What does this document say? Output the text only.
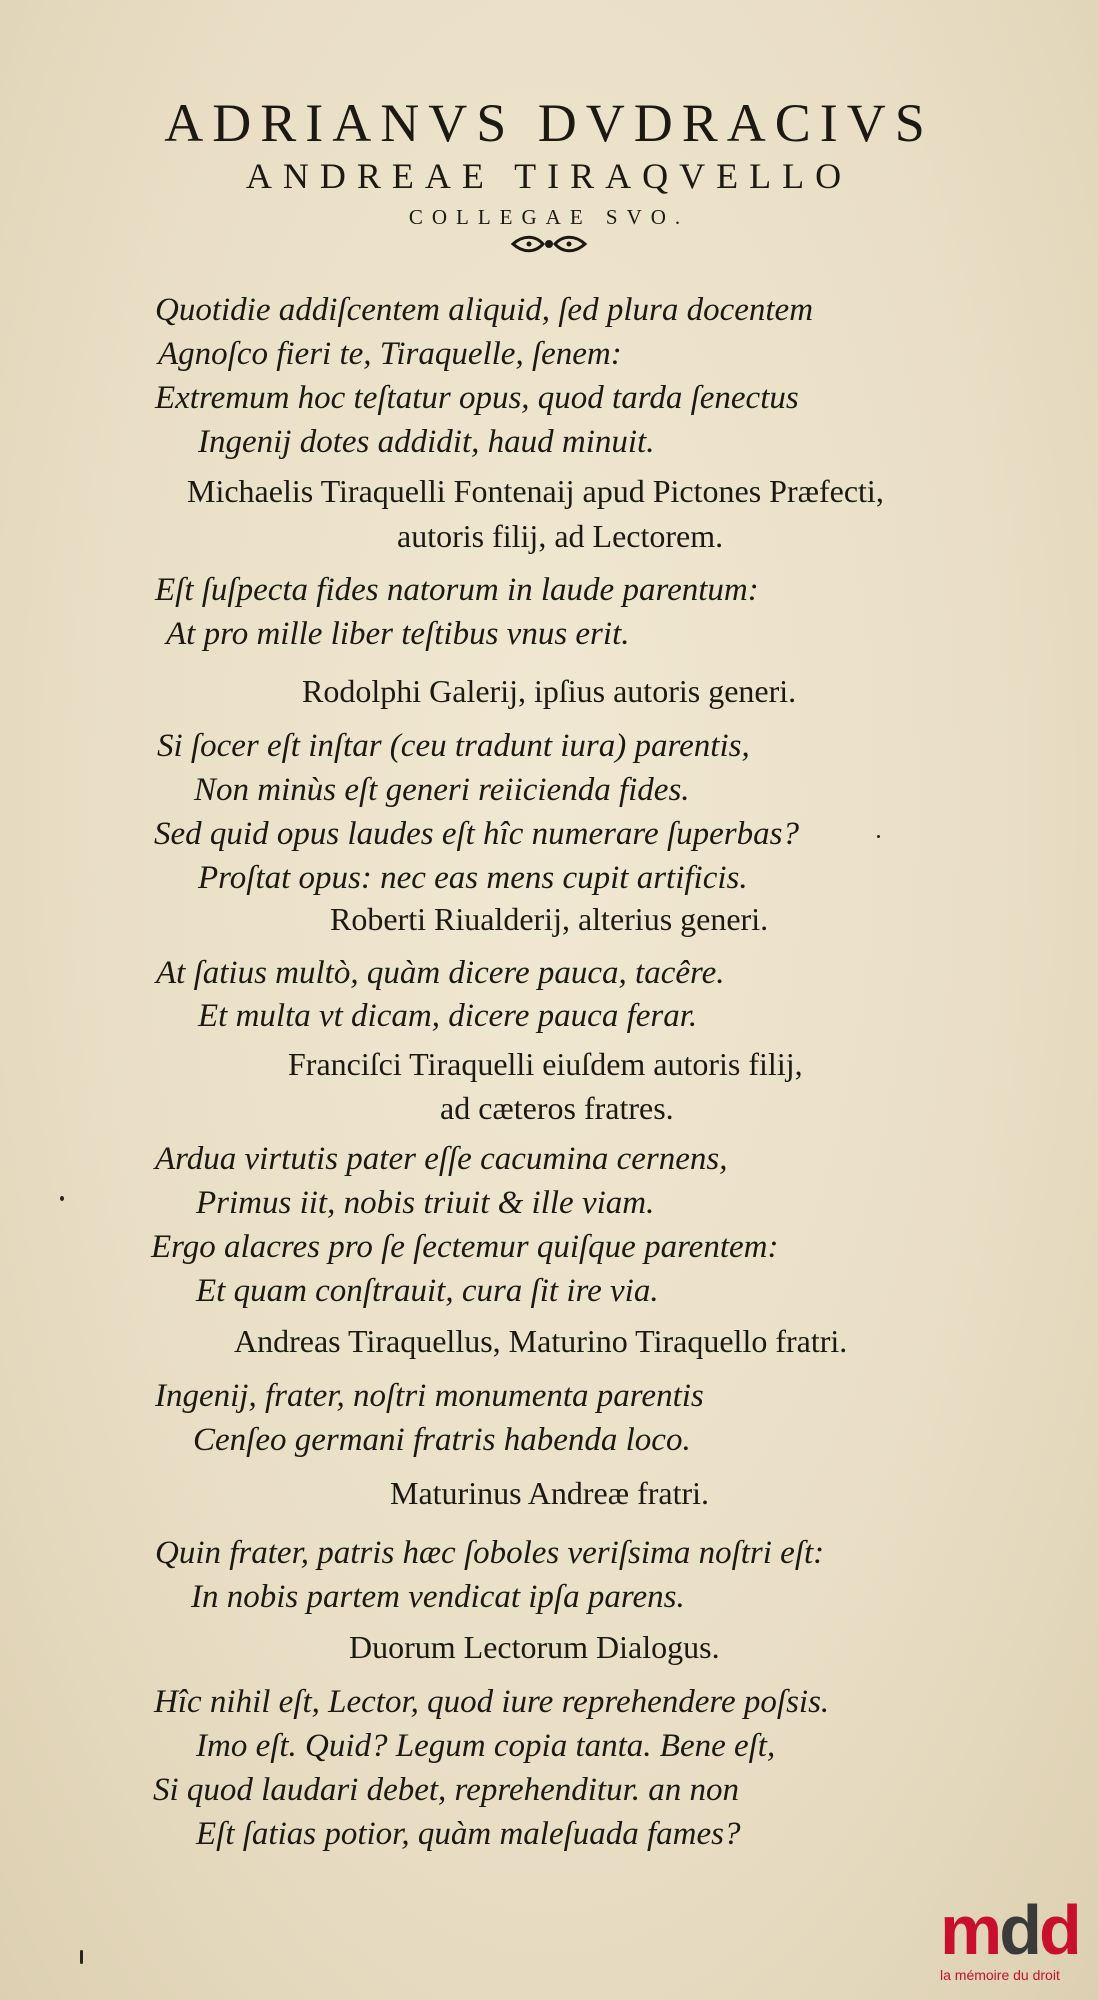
ADRIANVS DVDRACIVS
ANDREAE TIRAQVELLO
COLLEGAE SVO.
Quotidie addiſcentem aliquid, ſed plura docentem
Agnoſco fieri te, Tiraquelle, ſenem:
Extremum hoc teſtatur opus, quod tarda ſenectus
Ingenij dotes addidit, haud minuit.
Michaelis Tiraquelli Fontenaij apud Pictones Præfecti,
autoris filij, ad Lectorem.
Eſt ſuſpecta fides natorum in laude parentum:
At pro mille liber teſtibus vnus erit.
Rodolphi Galerij, ipſius autoris generi.
Si ſocer eſt inſtar (ceu tradunt iura) parentis,
Non minùs eſt generi reiicienda fides.
Sed quid opus laudes eſt hîc numerare ſuperbas?
Proſtat opus: nec eas mens cupit artificis.
Roberti Riualderij, alterius generi.
At ſatius multò, quàm dicere pauca, tacêre.
Et multa vt dicam, dicere pauca ferar.
Franciſci Tiraquelli eiuſdem autoris filij,
ad cæteros fratres.
Ardua virtutis pater eſſe cacumina cernens,
Primus iit, nobis triuit & ille viam.
Ergo alacres pro ſe ſectemur quiſque parentem:
Et quam conſtrauit, cura ſit ire via.
Andreas Tiraquellus, Maturino Tiraquello fratri.
Ingenij, frater, noſtri monumenta parentis
Cenſeo germani fratris habenda loco.
Maturinus Andreæ fratri.
Quin frater, patris hæc ſoboles veriſsima noſtri eſt:
In nobis partem vendicat ipſa parens.
Duorum Lectorum Dialogus.
Hîc nihil eſt, Lector, quod iure reprehendere poſsis.
Imo eſt. Quid? Legum copia tanta. Bene eſt,
Si quod laudari debet, reprehenditur. an non
Eſt ſatias potior, quàm maleſuada fames?
mdd
la mémoire du droit
